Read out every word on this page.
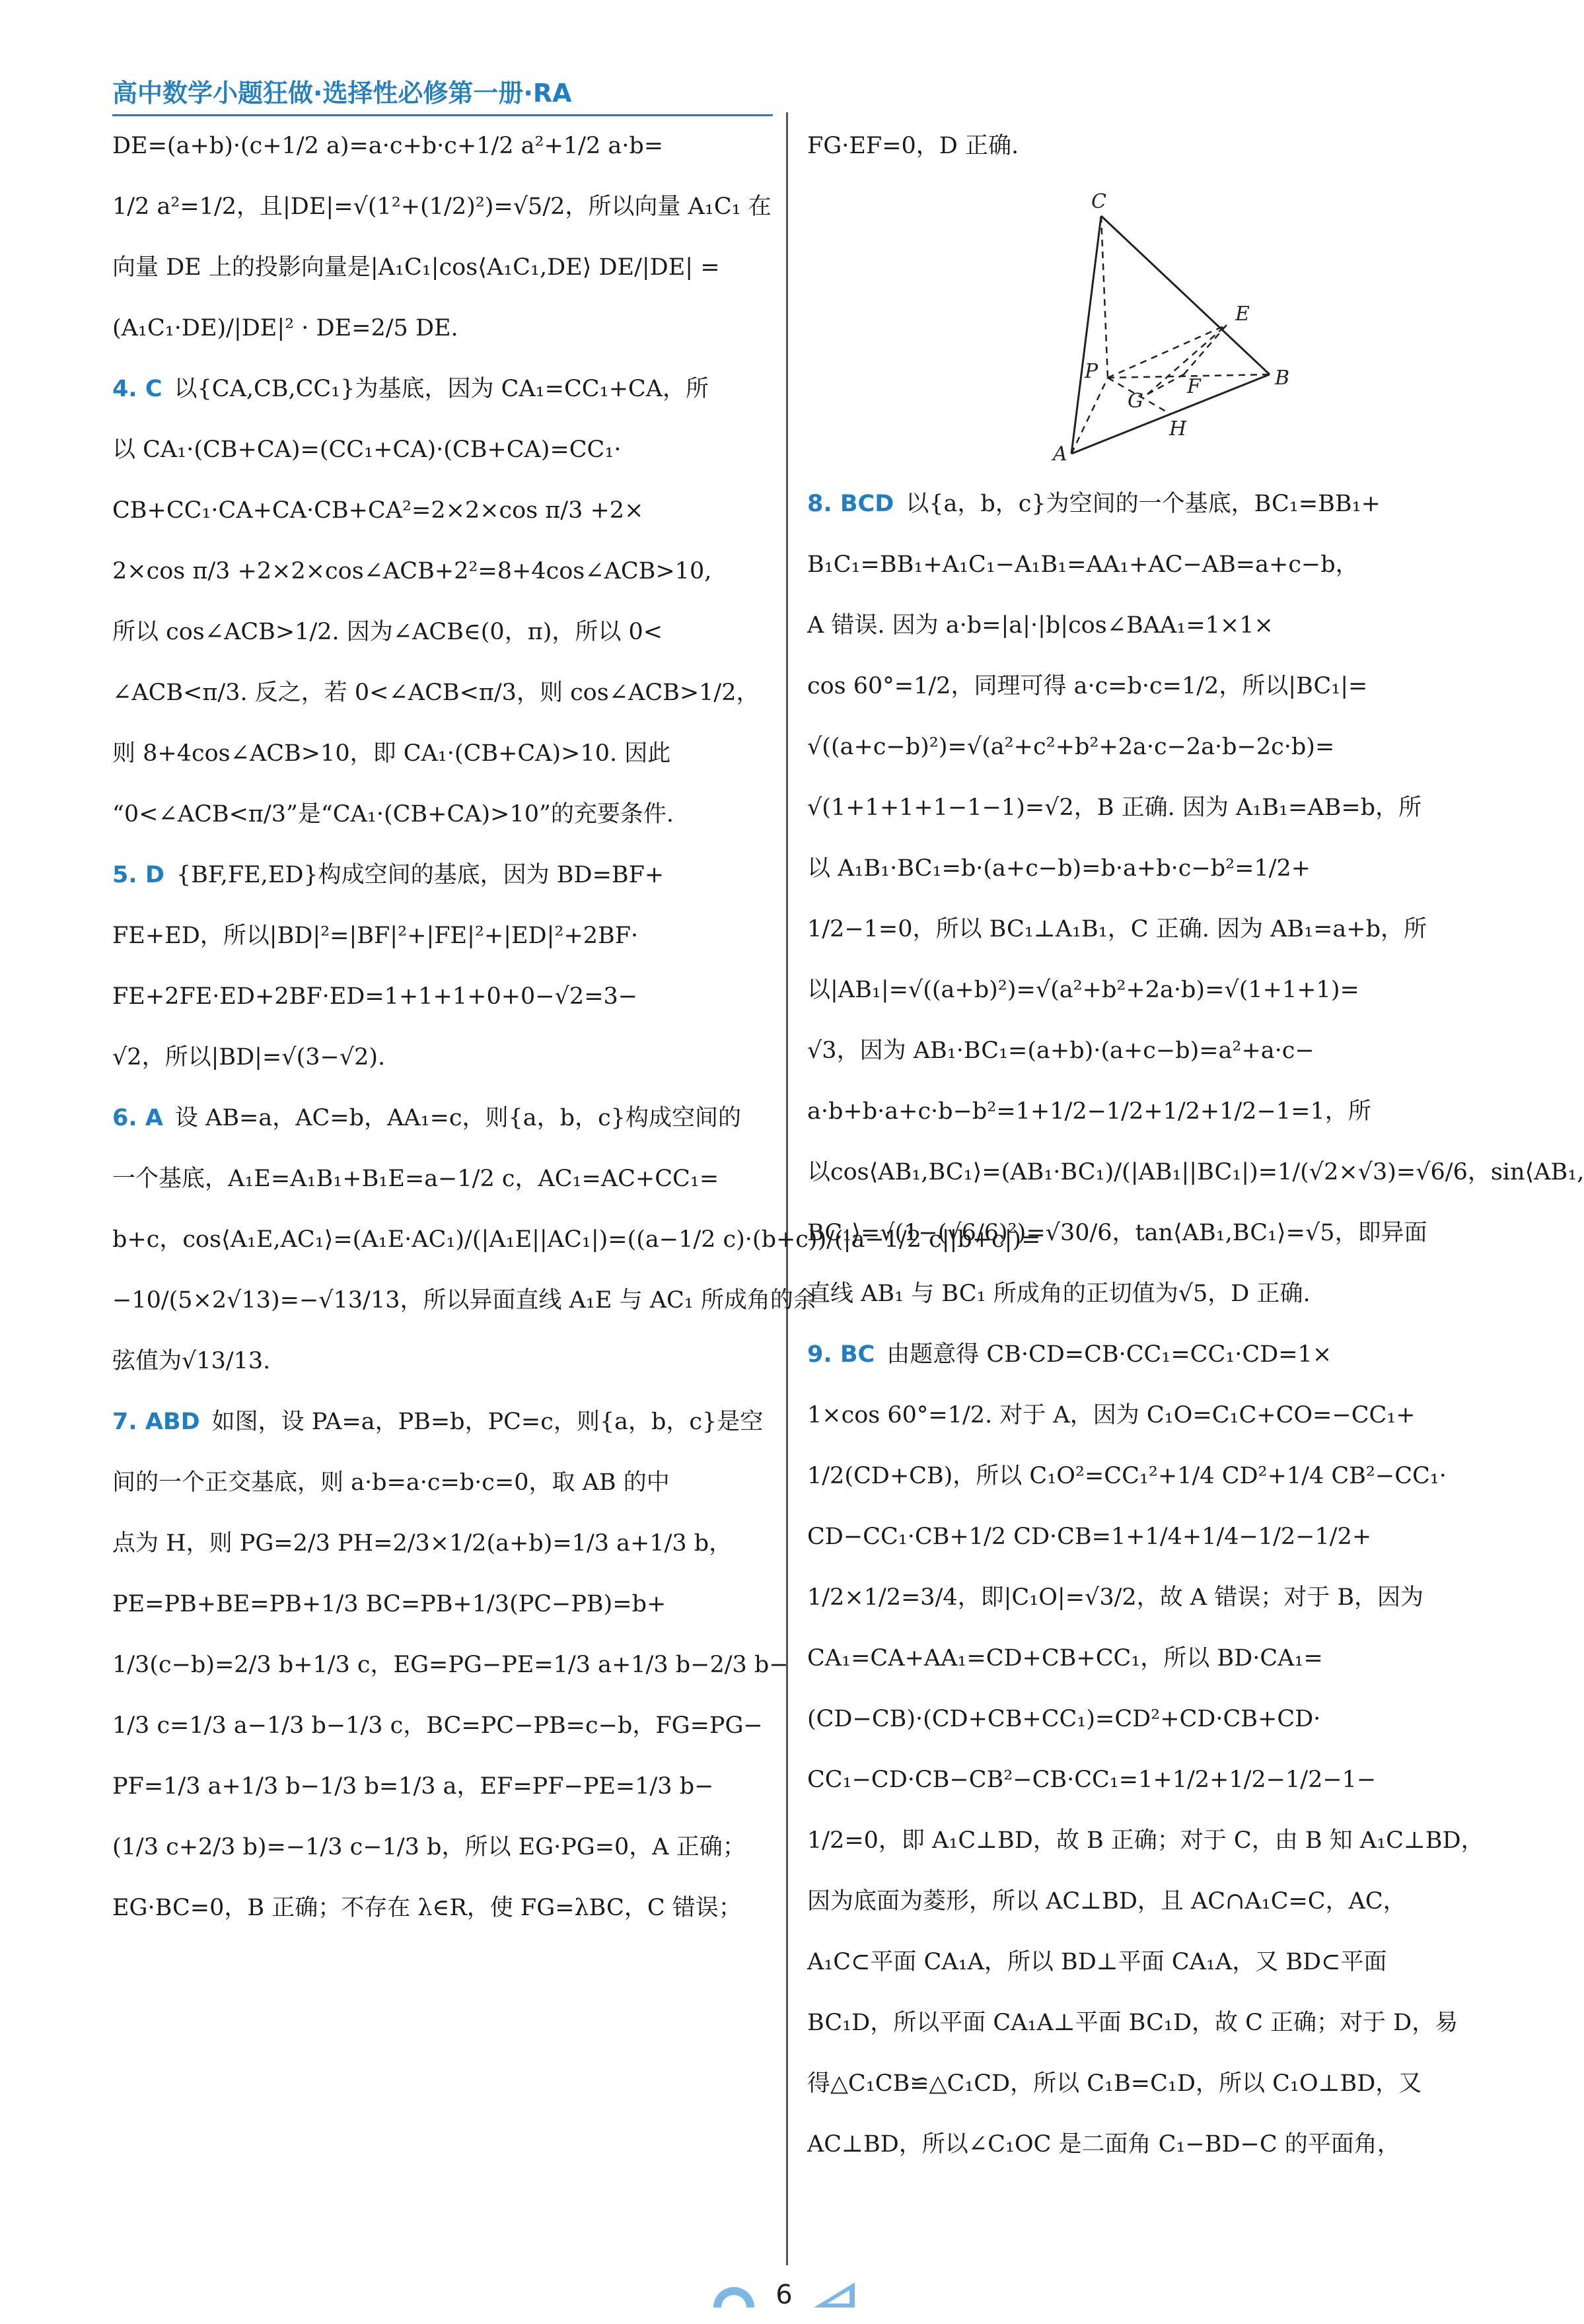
高中数学小题狂做·选择性必修第一册·RA
DE=(a+b)·(c+1/2 a)=a·c+b·c+1/2 a²+1/2 a·b=
1/2 a²=1/2，且|DE|=√(1²+(1/2)²)=√5/2，所以向量 A₁C₁ 在
向量 DE 上的投影向量是|A₁C₁|cos⟨A₁C₁,DE⟩ DE/|DE| =
(A₁C₁·DE)/|DE|² · DE=2/5 DE.
4. C 以{CA,CB,CC₁}为基底，因为 CA₁=CC₁+CA，所
以 CA₁·(CB+CA)=(CC₁+CA)·(CB+CA)=CC₁·
CB+CC₁·CA+CA·CB+CA²=2×2×cos π/3 +2×
2×cos π/3 +2×2×cos∠ACB+2²=8+4cos∠ACB>10,
所以 cos∠ACB>1/2. 因为∠ACB∈(0，π)，所以 0<
∠ACB<π/3. 反之，若 0<∠ACB<π/3，则 cos∠ACB>1/2，
则 8+4cos∠ACB>10，即 CA₁·(CB+CA)>10. 因此
“0<∠ACB<π/3”是“CA₁·(CB+CA)>10”的充要条件.
5. D {BF,FE,ED}构成空间的基底，因为 BD=BF+
FE+ED，所以|BD|²=|BF|²+|FE|²+|ED|²+2BF·
FE+2FE·ED+2BF·ED=1+1+1+0+0−√2=3−
√2，所以|BD|=√(3−√2).
6. A 设 AB=a，AC=b，AA₁=c，则{a，b，c}构成空间的
一个基底，A₁E=A₁B₁+B₁E=a−1/2 c，AC₁=AC+CC₁=
b+c，cos⟨A₁E,AC₁⟩=(A₁E·AC₁)/(|A₁E||AC₁|)=((a−1/2 c)·(b+c))/(|a−1/2 c||b+c|)=
−10/(5×2√13)=−√13/13，所以异面直线 A₁E 与 AC₁ 所成角的余
弦值为√13/13.
7. ABD 如图，设 PA=a，PB=b，PC=c，则{a，b，c}是空
间的一个正交基底，则 a·b=a·c=b·c=0，取 AB 的中
点为 H，则 PG=2/3 PH=2/3×1/2(a+b)=1/3 a+1/3 b，
PE=PB+BE=PB+1/3 BC=PB+1/3(PC−PB)=b+
1/3(c−b)=2/3 b+1/3 c，EG=PG−PE=1/3 a+1/3 b−2/3 b−
1/3 c=1/3 a−1/3 b−1/3 c，BC=PC−PB=c−b，FG=PG−
PF=1/3 a+1/3 b−1/3 b=1/3 a，EF=PF−PE=1/3 b−
(1/3 c+2/3 b)=−1/3 c−1/3 b，所以 EG·PG=0，A 正确；
EG·BC=0，B 正确；不存在 λ∈R，使 FG=λBC，C 错误；
FG·EF=0，D 正确.
C
E
B
P
G
F
H
A
8. BCD 以{a，b，c}为空间的一个基底，BC₁=BB₁+
B₁C₁=BB₁+A₁C₁−A₁B₁=AA₁+AC−AB=a+c−b，
A 错误. 因为 a·b=|a|·|b|cos∠BAA₁=1×1×
cos 60°=1/2，同理可得 a·c=b·c=1/2，所以|BC₁|=
√((a+c−b)²)=√(a²+c²+b²+2a·c−2a·b−2c·b)=
√(1+1+1+1−1−1)=√2，B 正确. 因为 A₁B₁=AB=b，所
以 A₁B₁·BC₁=b·(a+c−b)=b·a+b·c−b²=1/2+
1/2−1=0，所以 BC₁⊥A₁B₁，C 正确. 因为 AB₁=a+b，所
以|AB₁|=√((a+b)²)=√(a²+b²+2a·b)=√(1+1+1)=
√3，因为 AB₁·BC₁=(a+b)·(a+c−b)=a²+a·c−
a·b+b·a+c·b−b²=1+1/2−1/2+1/2+1/2−1=1，所
以cos⟨AB₁,BC₁⟩=(AB₁·BC₁)/(|AB₁||BC₁|)=1/(√2×√3)=√6/6，sin⟨AB₁,
BC₁⟩=√(1−(√6/6)²)=√30/6，tan⟨AB₁,BC₁⟩=√5，即异面
直线 AB₁ 与 BC₁ 所成角的正切值为√5，D 正确.
9. BC 由题意得 CB·CD=CB·CC₁=CC₁·CD=1×
1×cos 60°=1/2. 对于 A，因为 C₁O=C₁C+CO=−CC₁+
1/2(CD+CB)，所以 C₁O²=CC₁²+1/4 CD²+1/4 CB²−CC₁·
CD−CC₁·CB+1/2 CD·CB=1+1/4+1/4−1/2−1/2+
1/2×1/2=3/4，即|C₁O|=√3/2，故 A 错误；对于 B，因为
CA₁=CA+AA₁=CD+CB+CC₁，所以 BD·CA₁=
(CD−CB)·(CD+CB+CC₁)=CD²+CD·CB+CD·
CC₁−CD·CB−CB²−CB·CC₁=1+1/2+1/2−1/2−1−
1/2=0，即 A₁C⊥BD，故 B 正确；对于 C，由 B 知 A₁C⊥BD，
因为底面为菱形，所以 AC⊥BD，且 AC∩A₁C=C，AC，
A₁C⊂平面 CA₁A，所以 BD⊥平面 CA₁A，又 BD⊂平面
BC₁D，所以平面 CA₁A⊥平面 BC₁D，故 C 正确；对于 D，易
得△C₁CB≌△C₁CD，所以 C₁B=C₁D，所以 C₁O⊥BD，又
AC⊥BD，所以∠C₁OC 是二面角 C₁−BD−C 的平面角，
6
